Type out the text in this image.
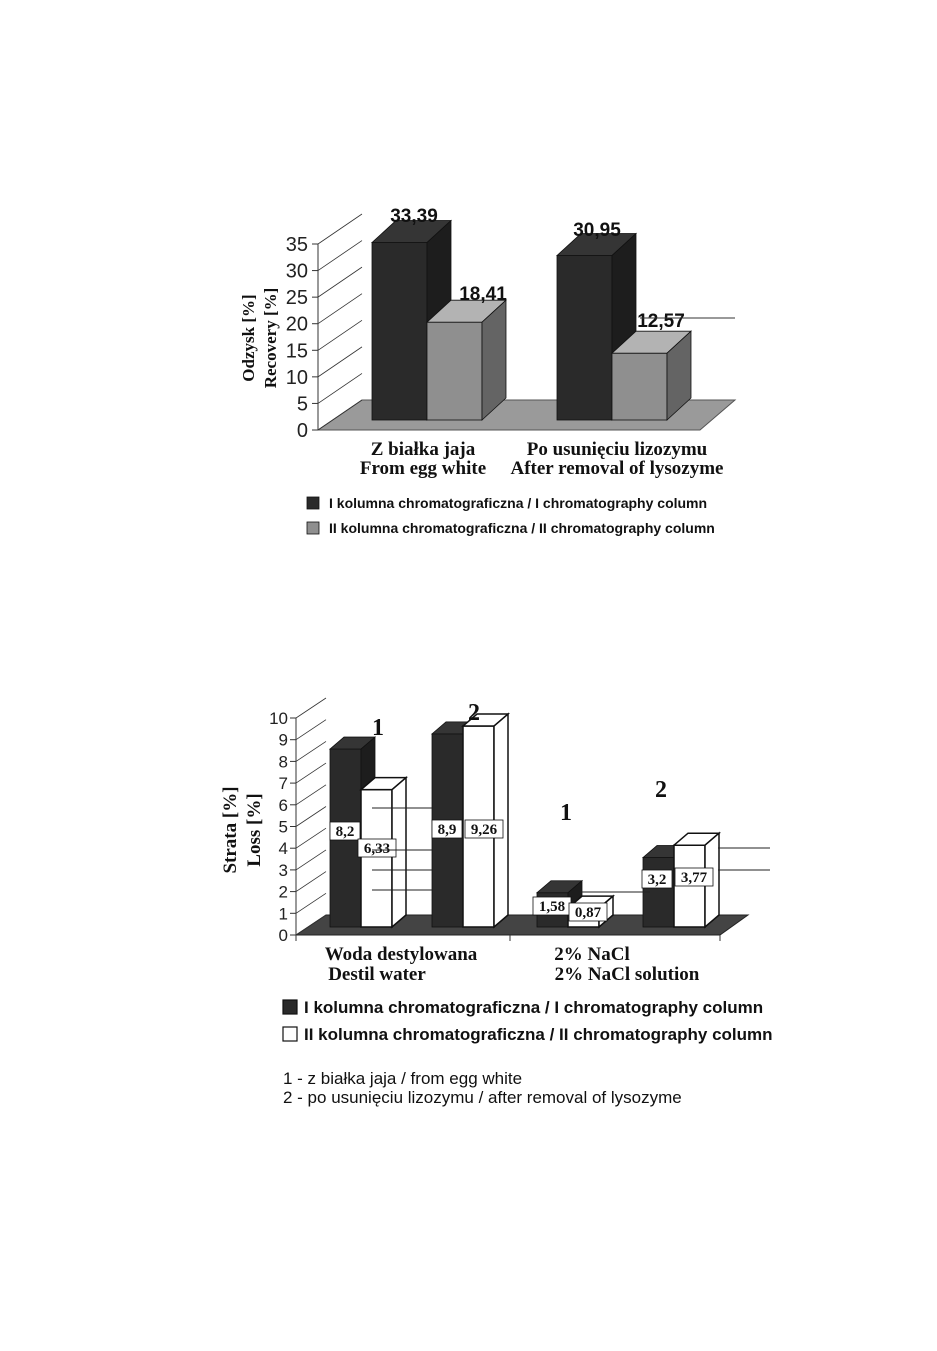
Odzysk [%] Recovery [%]
0
5
10
15
20
25
30
35
33,39
30,95
18,41
12,57
Z białka jaja
From egg white
Po usunięciu lizozymu
After removal of lysozyme
I kolumna chromatograficzna / I chromatography column
II kolumna chromatograficzna / II chromatography column
Strata [%] Loss [%]
0
1
2
3
4
5
6
7
8
9
10	1
8,2
6,33
2
8,9 9,26
1
1,58 0,87
2
3,2 3,77
Woda destylowana
Destil water
2% NaCl
2% NaCl solution
I kolumna chromatograficzna / I chromatography column
II kolumna chromatograficzna / II chromatography column
1 - z białka jaja / from egg white
2 - po usunięciu lizozymu / after removal of lysozyme
